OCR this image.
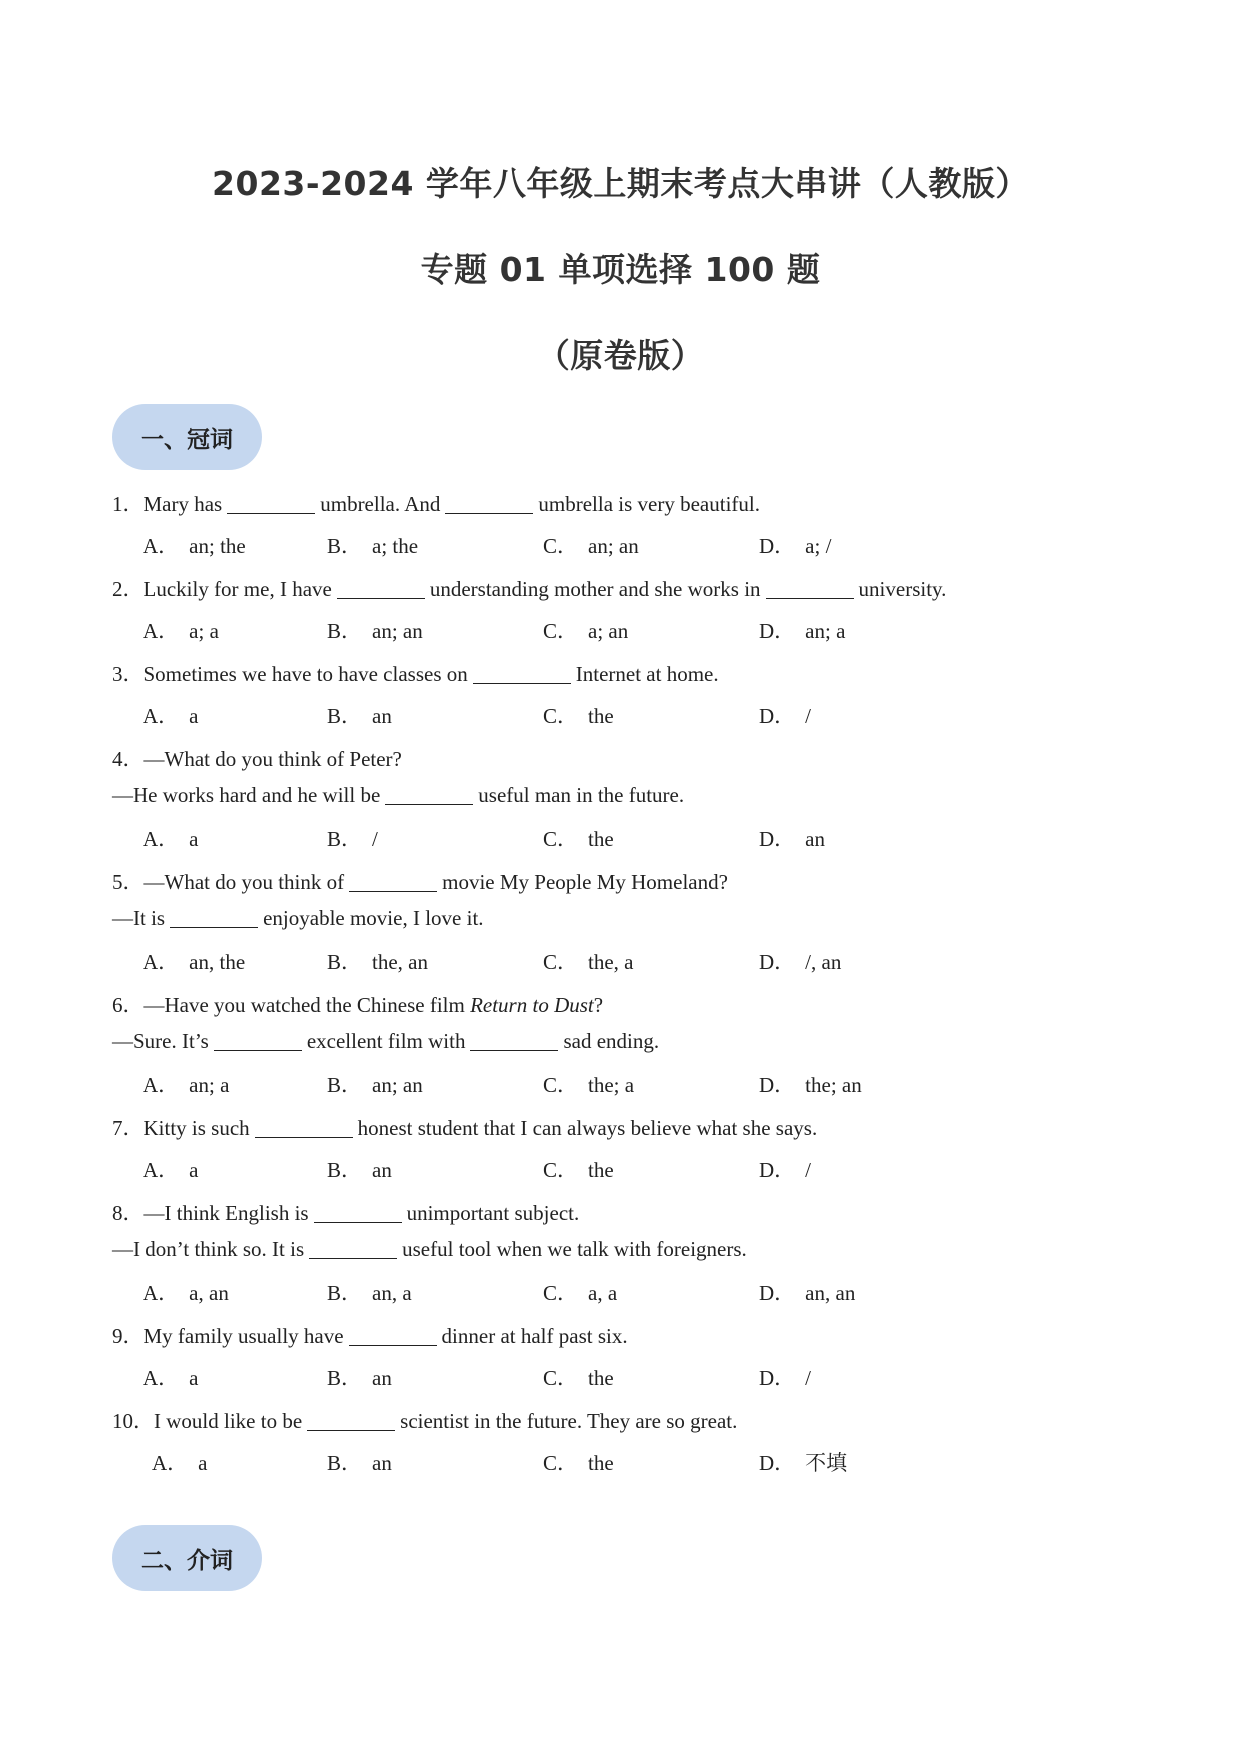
2023-2024 学年八年级上期末考点大串讲（人教版）
专题 01 单项选择 100 题
（原卷版）
一、冠词
1．Mary has	umbrella. And	umbrella is very beautiful.
A． an; the	B． a; the	C． an; an	D． a; /
2．Luckily for me, I have	understanding mother and she works in	university.
A． a; a	B． an; an	C． a; an	D． an; a
3．Sometimes we have to have classes on	Internet at home.
A． a	B． an	C． the	D． /
4．—What do you think of Peter?
—He works hard and he will be	useful man in the future.
A． a	B． /	C． the	D． an
5．—What do you think of	movie My People My Homeland?
—It is	enjoyable movie, I love it.
A． an, the	B． the, an	C． the, a	D． /, an
6．—Have you watched the Chinese film Return to Dust?
—Sure. It’s	excellent film with	sad ending.
A． an; a	B． an; an	C． the; a	D． the; an
7．Kitty is such	honest student that I can always believe what she says.
A． a	B． an	C． the	D． /
8．—I think English is	unimportant subject.
—I don’t think so. It is	useful tool when we talk with foreigners.
A． a, an	B． an, a	C． a, a	D． an, an
9．My family usually have	dinner at half past six.
A． a	B． an	C． the	D． /
10．I would like to be	scientist in the future. They are so great.
A． a	B． an	C． the	D． 不填
二、介词
